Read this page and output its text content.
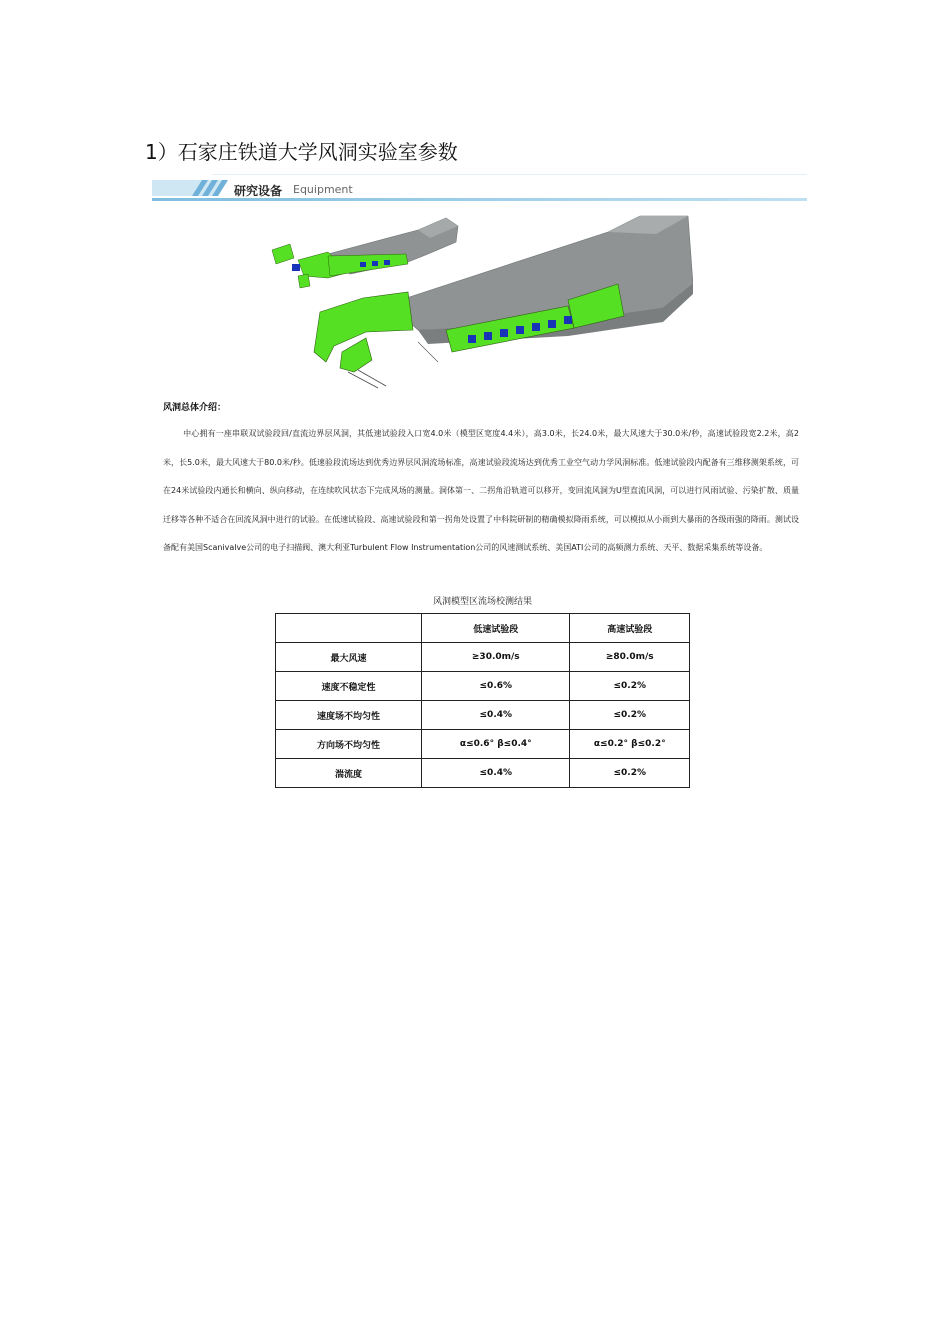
1）石家庄铁道大学风洞实验室参数
研究设备 Equipment
风洞总体介绍：
中心拥有一座串联双试验段回/直流边界层风洞，其低速试验段入口宽4.0米（模型区宽度4.4米），高3.0米，长24.0米，最大风速大于30.0米/秒，高速试验段宽2.2米，高2米，长5.0米，最大风速大于80.0米/秒。低速验段流场达到优秀边界层风洞流场标准，高速试验段流场达到优秀工业空气动力学风洞标准。低速试验段内配备有三维移测架系统，可在24米试验段内通长和横向、纵向移动，在连续吹风状态下完成风场的测量。洞体第一、二拐角沿轨道可以移开，变回流风洞为U型直流风洞，可以进行风雨试验、污染扩散、质量迁移等各种不适合在回流风洞中进行的试验。在低速试验段、高速试验段和第一拐角处设置了中科院研制的精确模拟降雨系统，可以模拟从小雨到大暴雨的各级雨强的降雨。测试设备配有美国Scanivalve公司的电子扫描阀、澳大利亚Turbulent Flow Instrumentation公司的风速测试系统、美国ATI公司的高频测力系统、天平、数据采集系统等设备。
风洞模型区流场校测结果
	低速试验段	高速试验段
最大风速	≥30.0m/s	≥80.0m/s
速度不稳定性	≤0.6%	≤0.2%
速度场不均匀性	≤0.4%	≤0.2%
方向场不均匀性	α≤0.6° β≤0.4°	α≤0.2° β≤0.2°
湍流度	≤0.4%	≤0.2%
